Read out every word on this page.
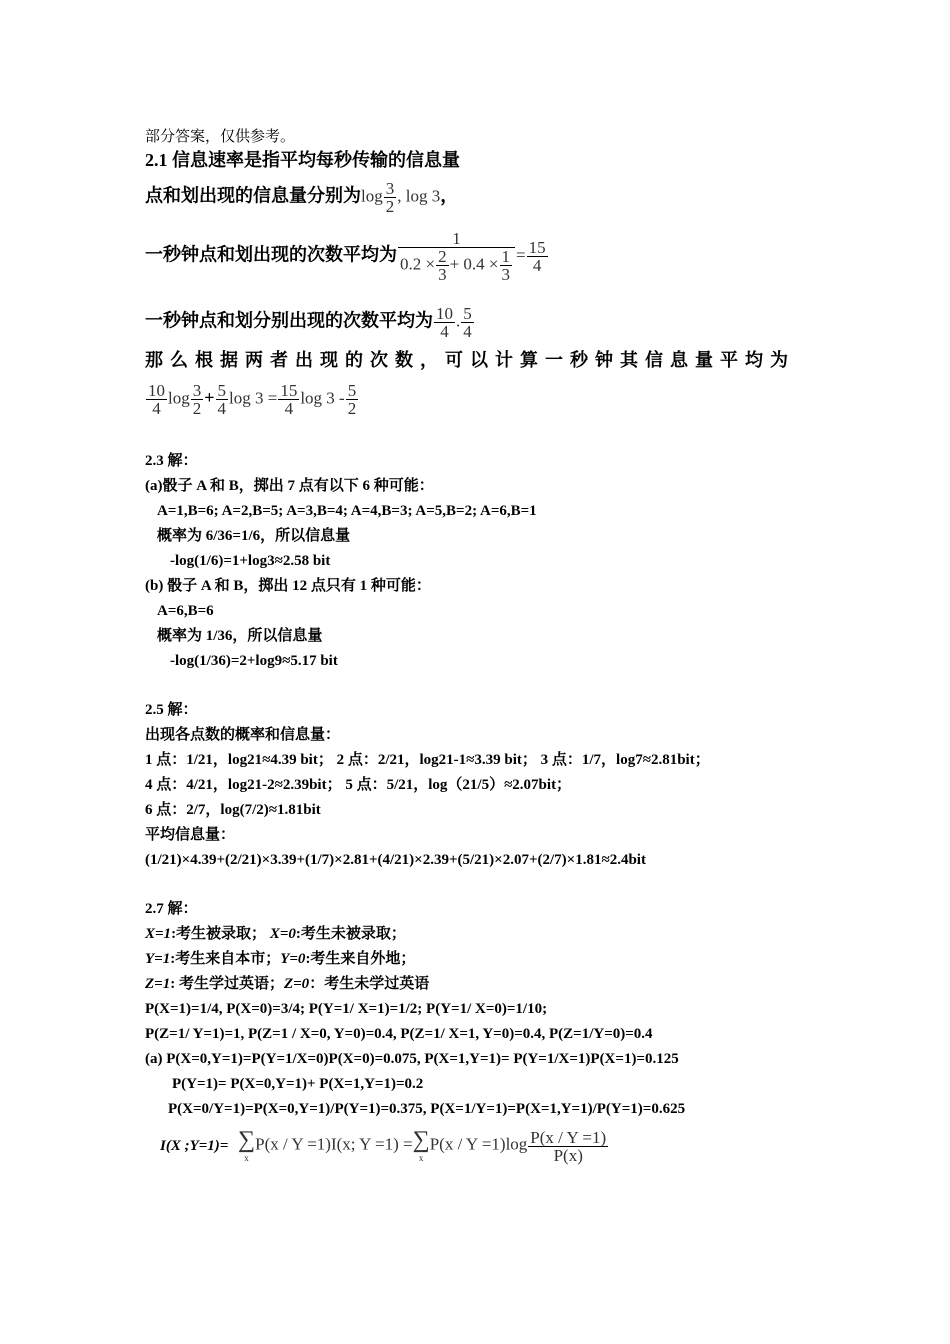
部分答案，仅供参考。
2.1 信息速率是指平均每秒传输的信息量
点和划出现的信息量分别为$\log \frac{3}{2}$ , log 3，
一秒钟点和划出现的次数平均为 $\frac{1}{0.2 \times \frac{2}{3} + 0.4 \times \frac{1}{3}} = \frac{15}{4}$
一秒钟点和划分别出现的次数平均为 $\frac{10}{4}$ . $\frac{5}{4}$
那么根据两者出现的次数，可以计算一秒钟其信息量平均为
$\frac{10}{4}$ $\log \frac{3}{2} + \frac{5}{4}$ $\log 3 = \frac{15}{4}$ $\log 3 - \frac{5}{2}$
2.3 解：
(a)骰子 A 和 B，掷出 7 点有以下 6 种可能：
A=1,B=6; A=2,B=5; A=3,B=4; A=4,B=3; A=5,B=2; A=6,B=1
概率为 6/36=1/6，所以信息量
-log(1/6)=1+log3≈2.58 bit
(b) 骰子 A 和 B，掷出 12 点只有 1 种可能：
A=6,B=6
概率为 1/36，所以信息量
-log(1/36)=2+log9≈5.17 bit
2.5 解：
出现各点数的概率和信息量：
1 点：1/21，log21≈4.39 bit； 2 点：2/21，log21-1≈3.39 bit； 3 点：1/7，log7≈2.81bit；
4 点：4/21，log21-2≈2.39bit； 5 点：5/21，log（21/5）≈2.07bit；
6 点：2/7，log(7/2)≈1.81bit
平均信息量：
(1/21)×4.39+(2/21)×3.39+(1/7)×2.81+(4/21)×2.39+(5/21)×2.07+(2/7)×1.81≈2.4bit
2.7 解：
X=1:考生被录取； X=0:考生未被录取；
Y=1:考生来自本市；Y=0:考生来自外地；
Z=1: 考生学过英语；Z=0：考生未学过英语
P(X=1)=1/4, P(X=0)=3/4; P(Y=1/ X=1)=1/2; P(Y=1/ X=0)=1/10;
P(Z=1/ Y=1)=1, P(Z=1 / X=0, Y=0)=0.4, P(Z=1/ X=1, Y=0)=0.4, P(Z=1/Y=0)=0.4
(a) P(X=0,Y=1)=P(Y=1/X=0)P(X=0)=0.075, P(X=1,Y=1)= P(Y=1/X=1)P(X=1)=0.125
P(Y=1)= P(X=0,Y=1)+ P(X=1,Y=1)=0.2
P(X=0/Y=1)=P(X=0,Y=1)/P(Y=1)=0.375, P(X=1/Y=1)=P(X=1,Y=1)/P(Y=1)=0.625
I(X ;Y=1)= ∑
x
P(x / Y =1)I(x; Y =1) = ∑
x
$P(x / Y =1)\log \frac{P(x / Y =1)}{P(x)}$
